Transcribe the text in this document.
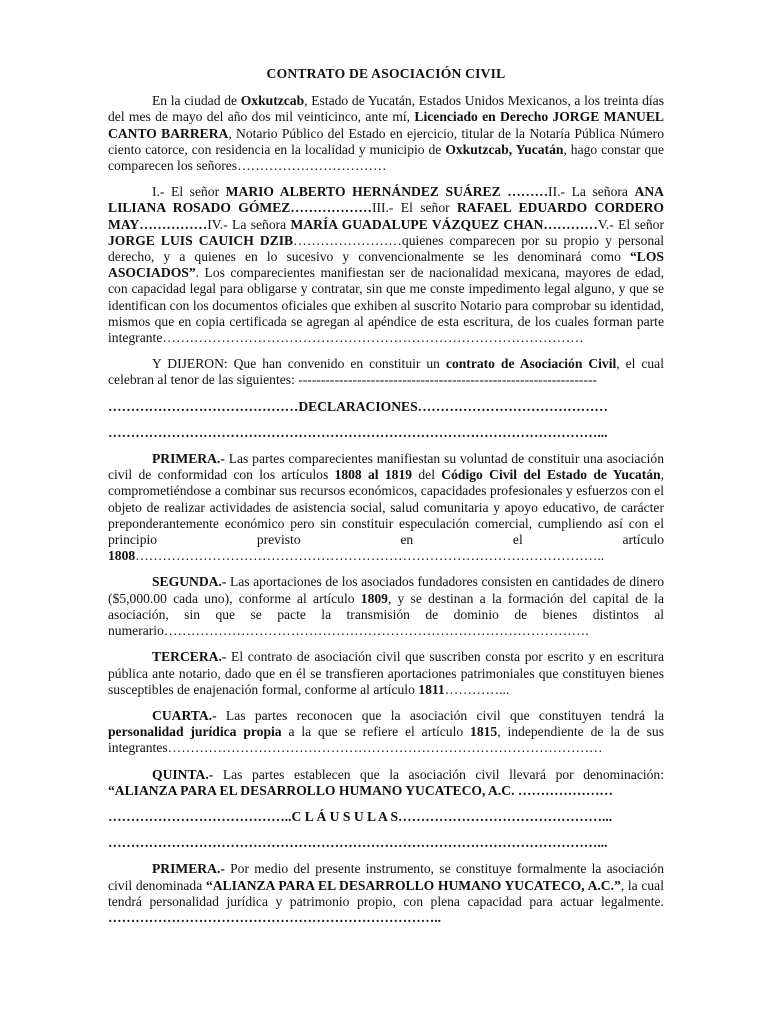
CONTRATO DE ASOCIACIÓN CIVIL

En la ciudad de Oxkutzcab, Estado de Yucatán, Estados Unidos Mexicanos, a los treinta días del mes de mayo del año dos mil veinticinco, ante mí, Licenciado en Derecho JORGE MANUEL CANTO BARRERA, Notario Público del Estado en ejercicio, titular de la Notaría Pública Número ciento catorce, con residencia en la localidad y municipio de Oxkutzcab, Yucatán, hago constar que comparecen los señores……………………………

I.- El señor MARIO ALBERTO HERNÁNDEZ SUÁREZ ………II.- La señora ANA LILIANA ROSADO GÓMEZ………………III.- El señor RAFAEL EDUARDO CORDERO MAY……………IV.- La señora MARÍA GUADALUPE VÁZQUEZ CHAN…………V.- El señor JORGE LUIS CAUICH DZIB……………………quienes comparecen por su propio y personal derecho, y a quienes en lo sucesivo y convencionalmente se les denominará como “LOS ASOCIADOS”. Los comparecientes manifiestan ser de nacionalidad mexicana, mayores de edad, con capacidad legal para obligarse y contratar, sin que me conste impedimento legal alguno, y que se identifican con los documentos oficiales que exhiben al suscrito Notario para comprobar su identidad, mismos que en copia certificada se agregan al apéndice de esta escritura, de los cuales forman parte integrante…………………………………………………………………………………

Y DIJERON: Que han convenido en constituir un contrato de Asociación Civil, el cual celebran al tenor de las siguientes: ------------------------------------------------------------------

……………………………………DECLARACIONES……………………………………
………………………………………………………………………………………………...

PRIMERA.- Las partes comparecientes manifiestan su voluntad de constituir una asociación civil de conformidad con los artículos 1808 al 1819 del Código Civil del Estado de Yucatán, comprometiéndose a combinar sus recursos económicos, capacidades profesionales y esfuerzos con el objeto de realizar actividades de asistencia social, salud comunitaria y apoyo educativo, de carácter preponderantemente económico pero sin constituir especulación comercial, cumpliendo así con el principio previsto en el artículo 1808…………………………………………………………………………………………..

SEGUNDA.- Las aportaciones de los asociados fundadores consisten en cantidades de dinero ($5,000.00 cada uno), conforme al artículo 1809, y se destinan a la formación del capital de la asociación, sin que se pacte la transmisión de dominio de bienes distintos al numerario………………………………………………………………………………….

TERCERA.- El contrato de asociación civil que suscriben consta por escrito y en escritura pública ante notario, dado que en él se transfieren aportaciones patrimoniales que constituyen bienes susceptibles de enajenación formal, conforme al artículo 1811…………...

CUARTA.- Las partes reconocen que la asociación civil que constituyen tendrá la personalidad jurídica propia a la que se refiere el artículo 1815, independiente de la de sus integrantes……………………………………………………………………………………

QUINTA.- Las partes establecen que la asociación civil llevará por denominación: “ALIANZA PARA EL DESARROLLO HUMANO YUCATECO, A.C. …………………

…………………………………..C L Á U S U L A S………………………………………...
………………………………………………………………………………………………...

PRIMERA.- Por medio del presente instrumento, se constituye formalmente la asociación civil denominada “ALIANZA PARA EL DESARROLLO HUMANO YUCATECO, A.C.”, la cual tendrá personalidad jurídica y patrimonio propio, con plena capacidad para actuar legalmente. ………………………………………………………………..
